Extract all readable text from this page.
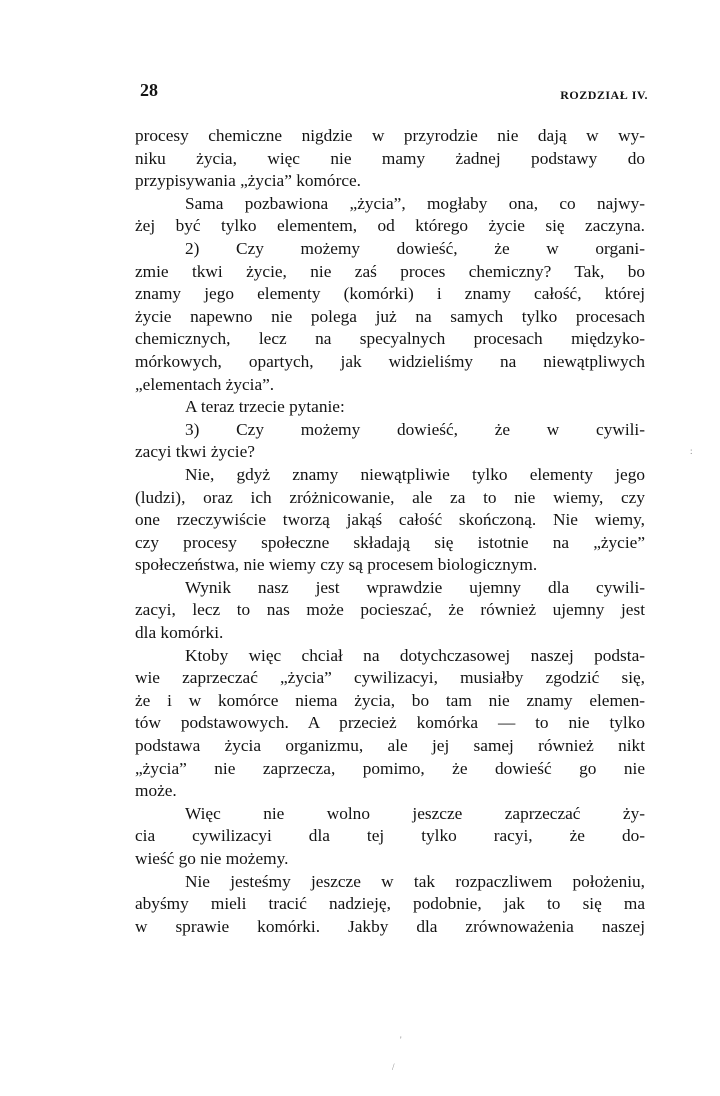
28	ROZDZIAŁ IV.
procesy chemiczne nigdzie w przyrodzie nie dają w wy-
niku życia, więc nie mamy żadnej podstawy do
przypisywania „życia” komórce.
Sama pozbawiona „życia”, mogłaby ona, co najwy-
żej być tylko elementem, od którego życie się zaczyna.
2) Czy możemy dowieść, że w organi-
zmie tkwi życie, nie zaś proces chemiczny? Tak, bo
znamy jego elementy (komórki) i znamy całość, której
życie napewno nie polega już na samych tylko procesach
chemicznych, lecz na specyalnych procesach międzyko-
mórkowych, opartych, jak widzieliśmy na niewątpliwych
„elementach życia”.
A teraz trzecie pytanie:
3) Czy możemy dowieść, że w cywili-
zacyi tkwi życie?
Nie, gdyż znamy niewątpliwie tylko elementy jego
(ludzi), oraz ich zróżnicowanie, ale za to nie wiemy, czy
one rzeczywiście tworzą jakąś całość skończoną. Nie wiemy,
czy procesy społeczne składają się istotnie na „życie”
społeczeństwa, nie wiemy czy są procesem biologicznym.
Wynik nasz jest wprawdzie ujemny dla cywili-
zacyi, lecz to nas może pocieszać, że również ujemny jest
dla komórki.
Ktoby więc chciał na dotychczasowej naszej podsta-
wie zaprzeczać „życia” cywilizacyi, musiałby zgodzić się,
że i w komórce niema życia, bo tam nie znamy elemen-
tów podstawowych. A przecież komórka — to nie tylko
podstawa życia organizmu, ale jej samej również nikt
„życia” nie zaprzecza, pomimo, że dowieść go nie
może.
Więc nie wolno jeszcze zaprzeczać ży-
cia cywilizacyi dla tej tylko racyi, że do-
wieść go nie możemy.
Nie jesteśmy jeszcze w tak rozpaczliwem położeniu,
abyśmy mieli tracić nadzieję, podobnie, jak to się ma
w sprawie komórki. Jakby dla zrównoważenia naszej
:
'
/
